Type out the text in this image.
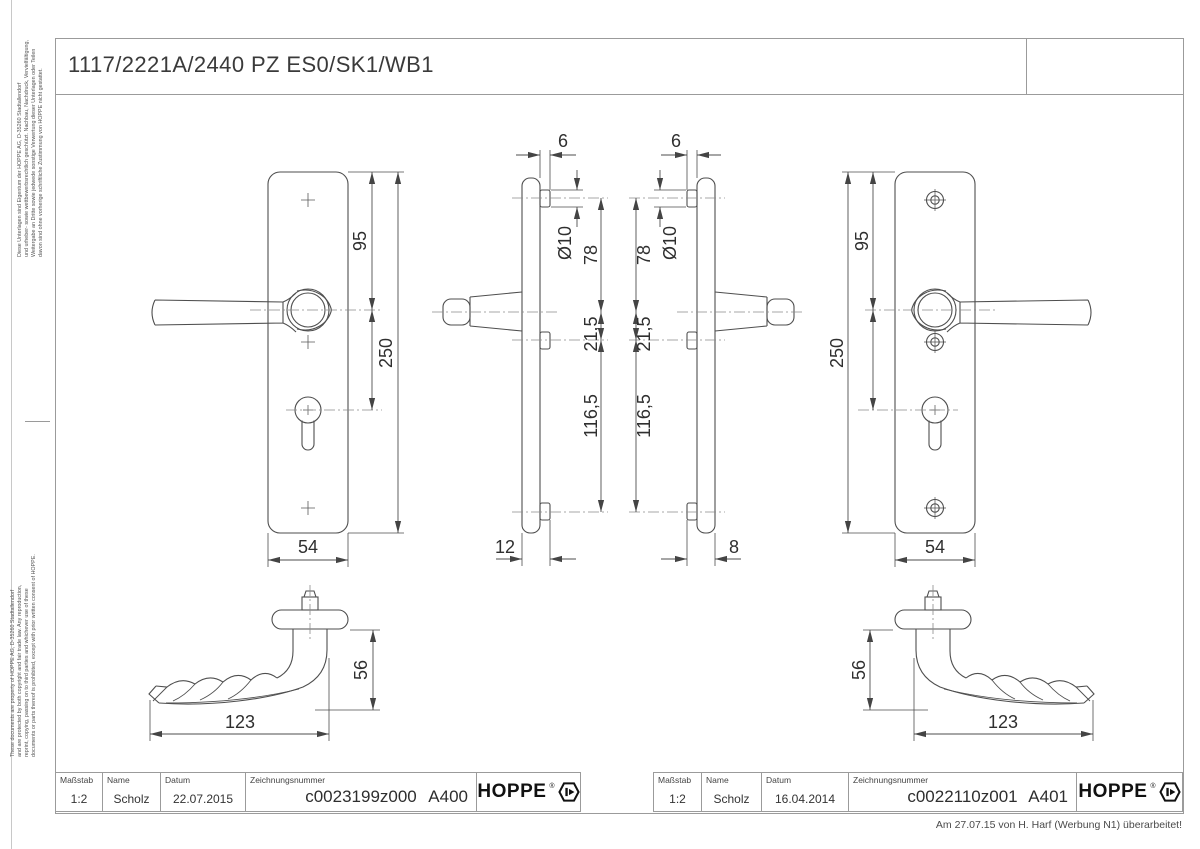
Diese Unterlagen sind Eigentum der HOPPE AG, D-35260 Stadtallendorf und urheber- sowie wettbewerbsrechtlich geschützt. Nachbau, Nachdruck, Vervielfältigung, Weitergabe an Dritte sowie jedwede sonstige Verwertung dieser Unterlagen oder Teilen davon sind ohne vorherige schriftliche Zustimmung von HOPPE nicht gestattet.
These documents are property of HOPPE AG, D-35260 Stadtallendorf and are protected by both copyright and fair trade law. Any reproduction, reprint, copying, passing on to third parties and whichever use of these documents or parts thereof is prohibited, except with prior written consent of HOPPE.
1117/2221A/2440 PZ ES0/SK1/WB1
95
250
54
6
Ø10 78
21,5
116,5
12
6
Ø10
78
21,5
116,5
8
95
250
54
56
123
56
123
Maßstab
1:2
Name
Scholz
Datum
22.07.2015
Zeichnungsnummer
c0023199z000 A400 HOPPE ®
Maßstab
1:2
Name
Scholz
Datum
16.04.2014
Zeichnungsnummer
c0022110z001 A401 HOPPE ®
Am 27.07.15 von H. Harf (Werbung N1) überarbeitet!
